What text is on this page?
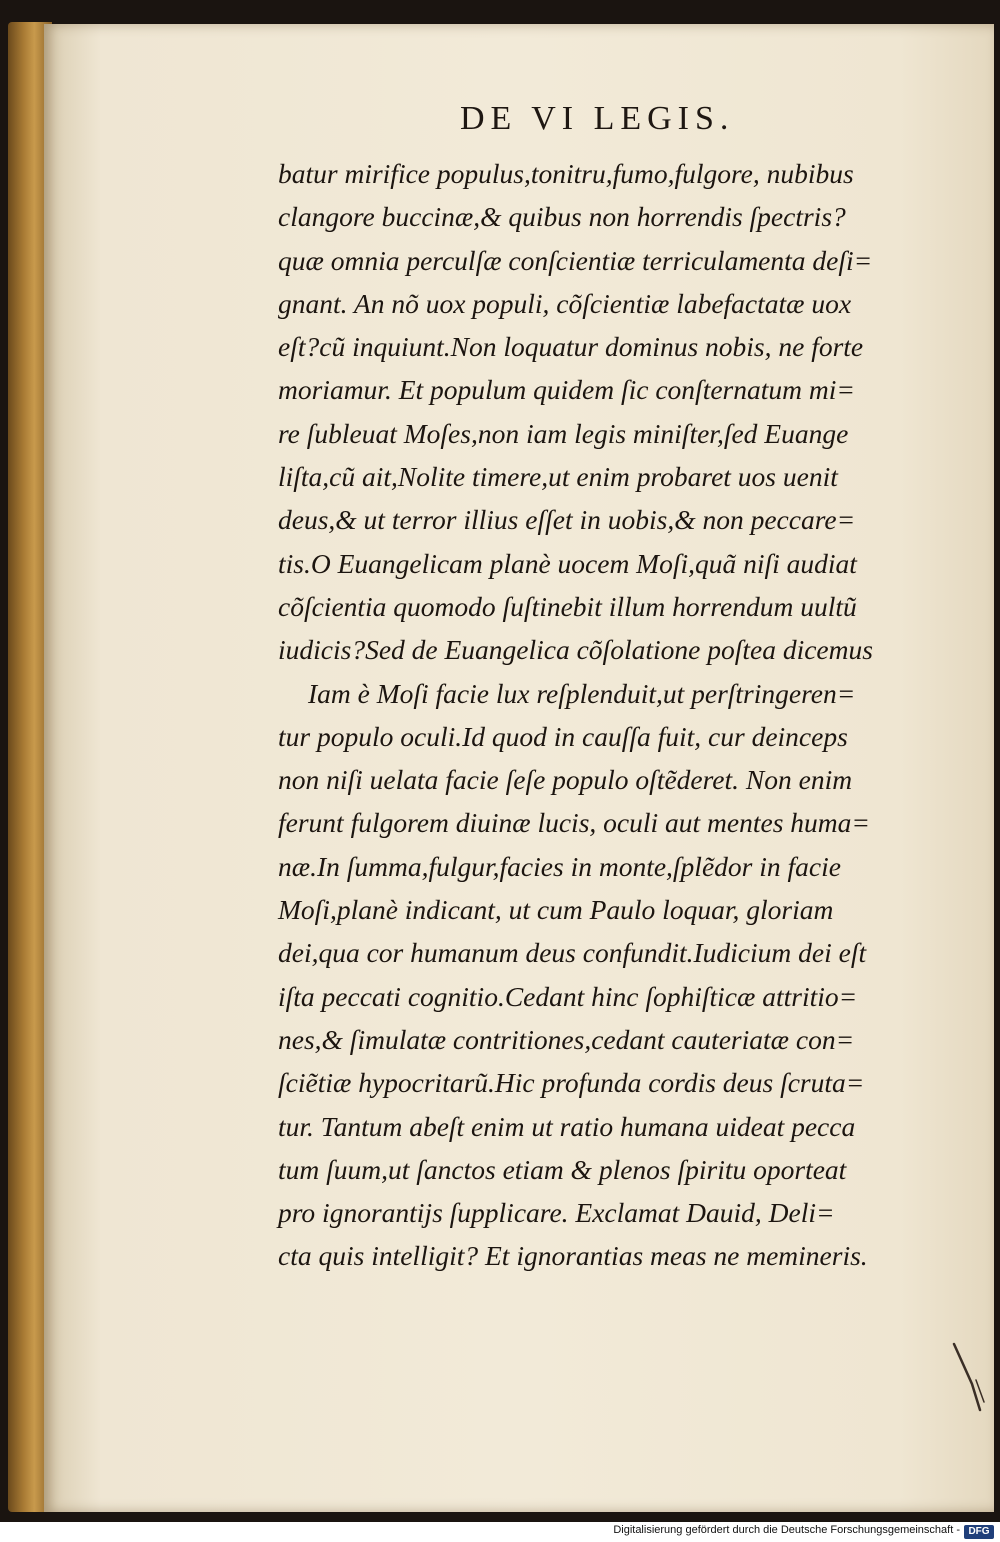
DE VI LEGIS.
batur mirifice populus,tonitru,fumo,fulgore, nubibus
clangore buccinæ,& quibus non horrendis ſpectris?
quæ omnia perculſæ conſcientiæ terriculamenta deſi=
gnant. An nõ uox populi, cõſcientiæ labefactatæ uox
eſt?cũ inquiunt.Non loquatur dominus nobis, ne forte
moriamur. Et populum quidem ſic conſternatum mi=
re ſubleuat Moſes,non iam legis miniſter,ſed Euange
liſta,cũ ait,Nolite timere,ut enim probaret uos uenit
deus,& ut terror illius eſſet in uobis,& non peccare=
tis.O Euangelicam planè uocem Moſi,quã niſi audiat
cõſcientia quomodo ſuſtinebit illum horrendum uultũ
iudicis?Sed de Euangelica cõſolatione poſtea dicemus
Iam è Moſi facie lux reſplenduit,ut perſtringeren=
tur populo oculi.Id quod in cauſſa fuit, cur deinceps
non niſi uelata facie ſeſe populo oſtẽderet. Non enim
ferunt fulgorem diuinæ lucis, oculi aut mentes huma=
næ.In ſumma,fulgur,facies in monte,ſplẽdor in facie
Moſi,planè indicant, ut cum Paulo loquar, gloriam
dei,qua cor humanum deus confundit.Iudicium dei eſt
iſta peccati cognitio.Cedant hinc ſophiſticæ attritio=
nes,& ſimulatæ contritiones,cedant cauteriatæ con=
ſciẽtiæ hypocritarũ.Hic profunda cordis deus ſcruta=
tur. Tantum abeſt enim ut ratio humana uideat pecca
tum ſuum,ut ſanctos etiam & plenos ſpiritu oporteat
pro ignorantijs ſupplicare. Exclamat Dauid, Deli=
cta quis intelligit? Et ignorantias meas ne memineris.
Digitalisierung gefördert durch die Deutsche Forschungsgemeinschaft - DFG
